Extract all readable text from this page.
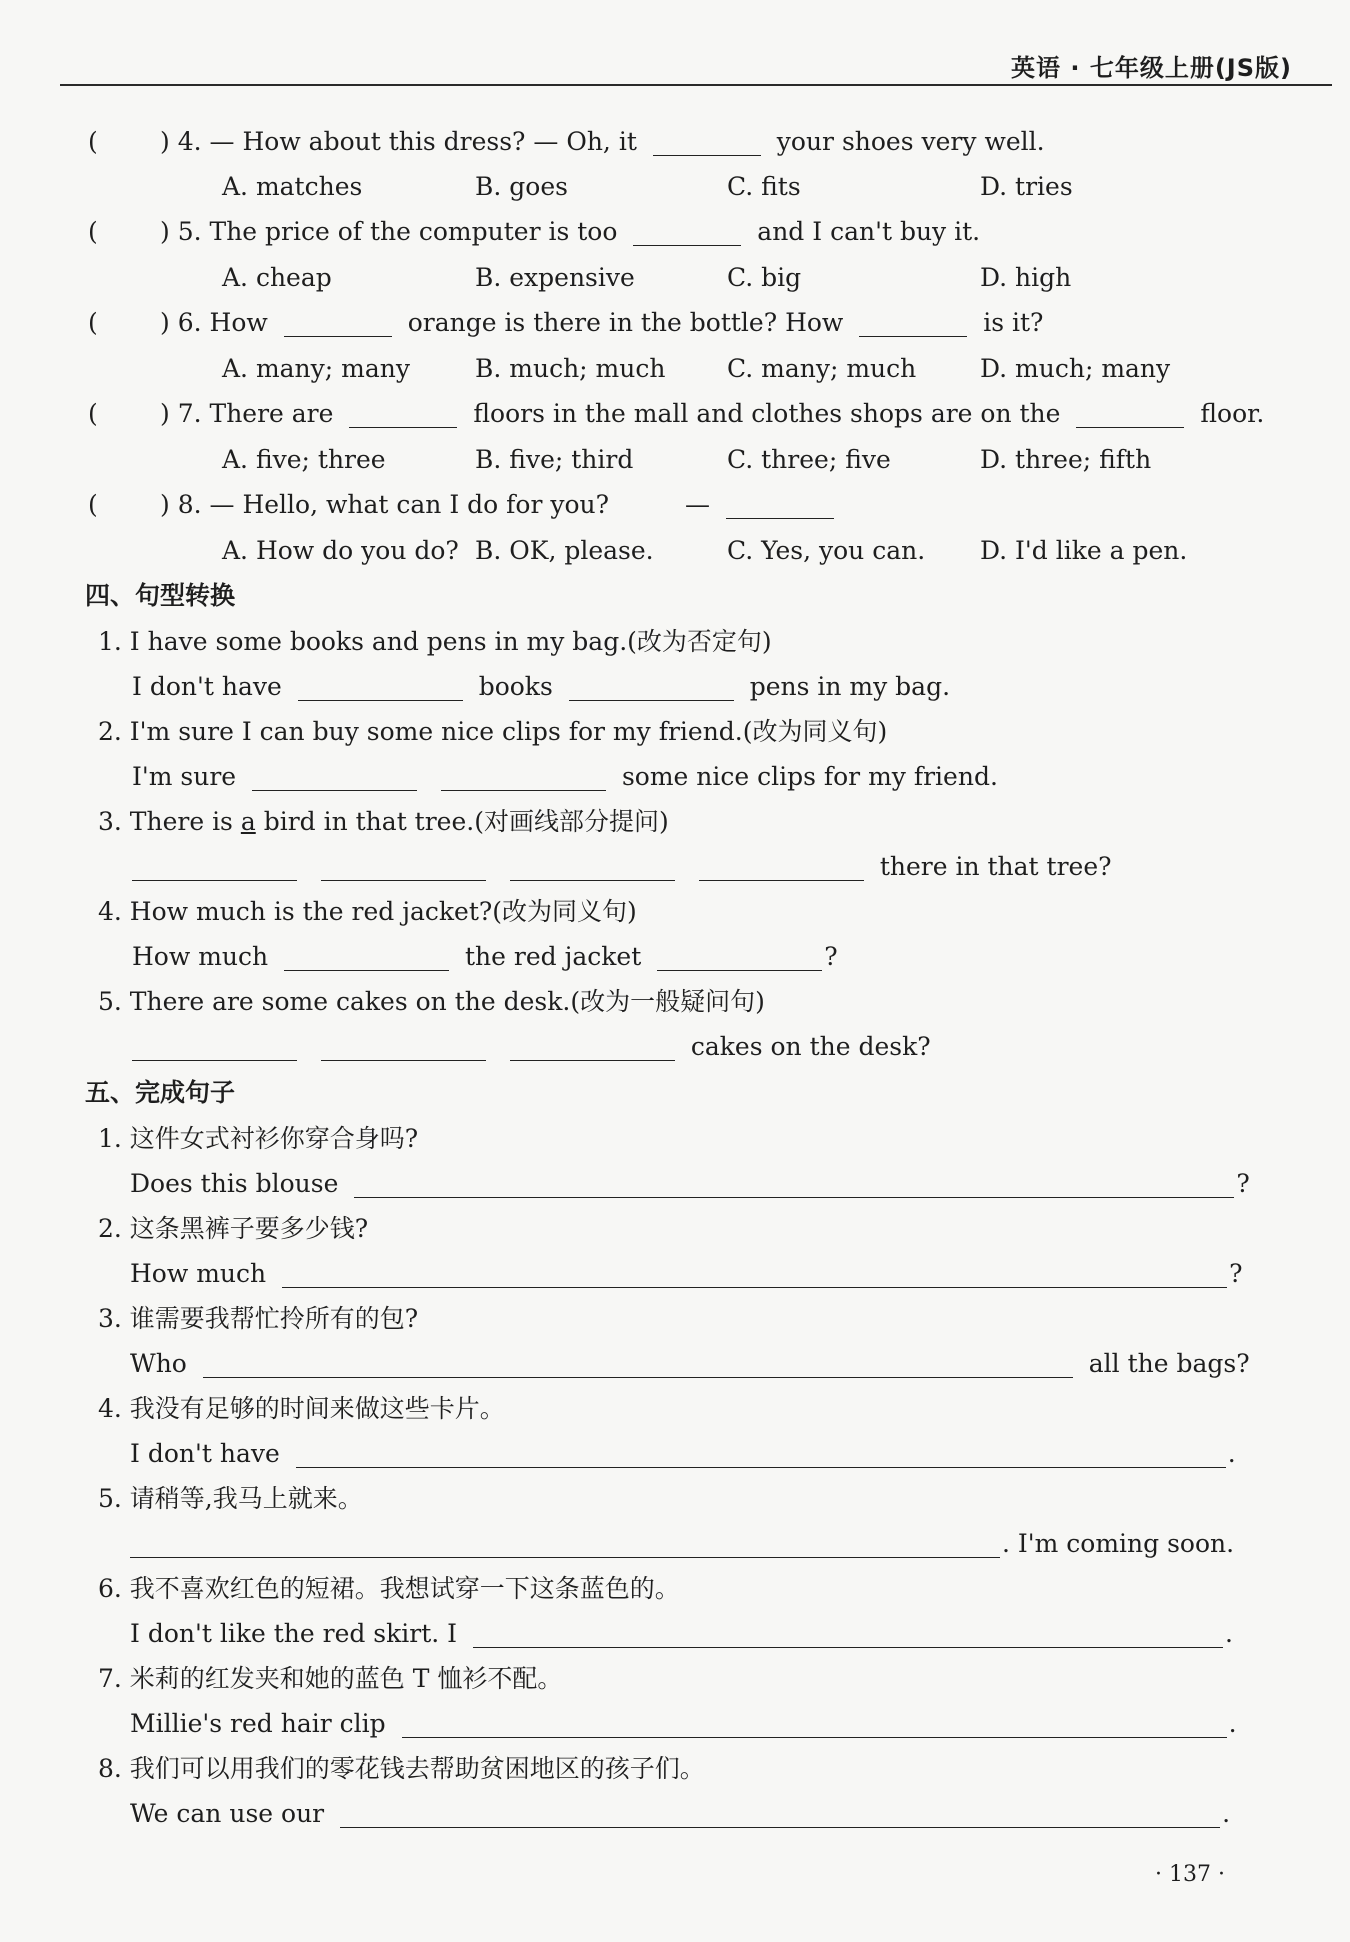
英语 · 七年级上册(JS版)
( ) 4. — How about this dress? — Oh, it	your shoes very well.
A. matches	B. goes	C. fits	D. tries
( ) 5. The price of the computer is too	and I can't buy it.
A. cheap	B. expensive	C. big	D. high
( ) 6. How	orange is there in the bottle? How	is it?
A. many; many	B. much; much C. many; much	D. much; many
( ) 7. There are	floors in the mall and clothes shops are on the	floor.
A. five; three	B. five; third	C. three; five	D. three; fifth
( ) 8. — Hello, what can I do for you?	—
A. How do you do? B. OK, please.	C. Yes, you can. D. I'd like a pen.
四、句型转换
1. I have some books and pens in my bag.(改为否定句)
I don't have	books	pens in my bag.
2. I'm sure I can buy some nice clips for my friend.(改为同义句)
I'm sure	some nice clips for my friend.
3. There is a bird in that tree.(对画线部分提问)
there in that tree?
4. How much is the red jacket?(改为同义句)
How much	the red jacket	?
5. There are some cakes on the desk.(改为一般疑问句)
cakes on the desk?
五、完成句子
1. 这件女式衬衫你穿合身吗?
Does this blouse	?
2. 这条黑裤子要多少钱?
How much	?
3. 谁需要我帮忙拎所有的包?
Who	all the bags?
4. 我没有足够的时间来做这些卡片。
I don't have	.
5. 请稍等,我马上就来。
. I'm coming soon.
6. 我不喜欢红色的短裙。我想试穿一下这条蓝色的。
I don't like the red skirt. I	.
7. 米莉的红发夹和她的蓝色 T 恤衫不配。
Millie's red hair clip	.
8. 我们可以用我们的零花钱去帮助贫困地区的孩子们。
We can use our	.
· 137 ·
